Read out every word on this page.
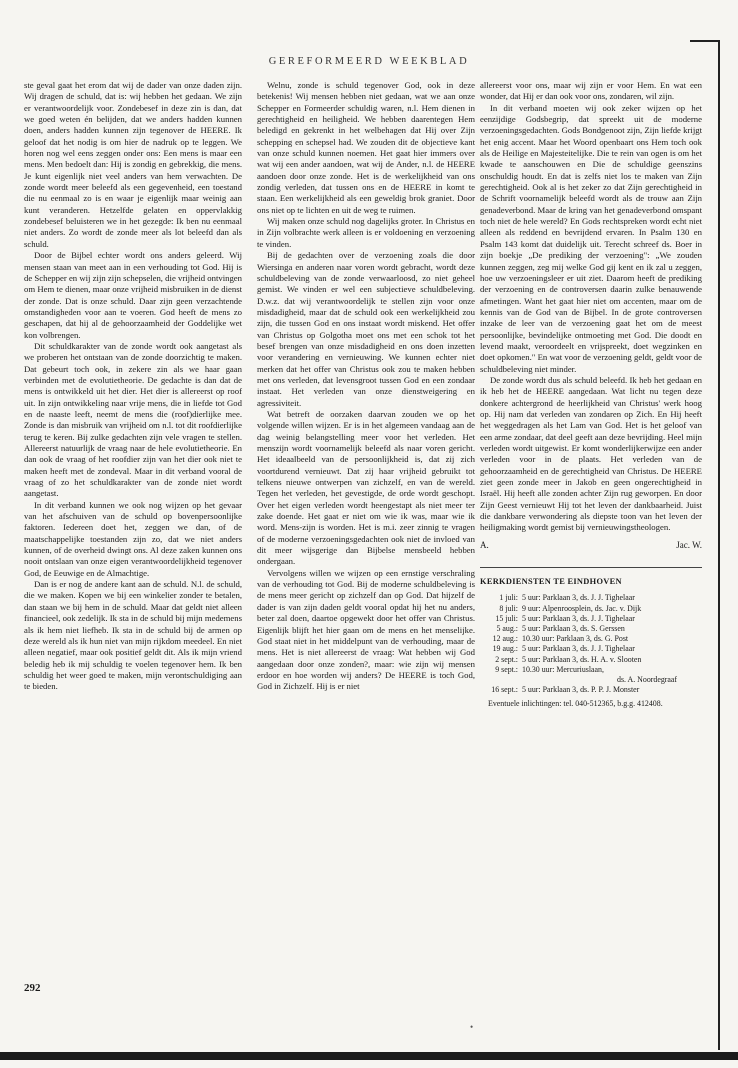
GEREFORMEERD WEEKBLAD

ste geval gaat het erom dat wij de dader van onze daden zijn. Wij dragen de schuld, dat is: wij hebben het gedaan. We zijn er verantwoordelijk voor. Zondebesef in deze zin is dan, dat we goed weten én belijden, dat we anders hadden kunnen doen, anders hadden kunnen zijn tegenover de HEERE. Ik geloof dat het nodig is om hier de nadruk op te leggen. We horen nog wel eens zeggen onder ons: Een mens is maar een mens. Men bedoelt dan: Hij is zondig en gebrekkig, die mens. Je kunt eigenlijk niet veel anders van hem verwachten. De zonde wordt meer beleefd als een gegevenheid, een toestand die nu eenmaal zo is en waar je eigenlijk maar weinig aan kunt veranderen. Hetzelfde gelaten en oppervlakkig zondebesef beluisteren we in het gezegde: Ik ben nu eenmaal niet anders. Zo wordt de zonde meer als lot beleefd dan als schuld.

Door de Bijbel echter wordt ons anders geleerd. Wij mensen staan van meet aan in een verhouding tot God. Hij is de Schepper en wij zijn zijn schepselen, die vrijheid ontvingen om Hem te dienen, maar onze vrijheid misbruiken in de dienst der zonde. Dat is onze schuld. Daar zijn geen verzachtende omstandigheden voor aan te voeren. God heeft de mens zo geschapen, dat hij al de gehoorzaamheid der Goddelijke wet kon volbrengen.

Dit schuldkarakter van de zonde wordt ook aangetast als we proberen het ontstaan van de zonde doorzichtig te maken. Dat gebeurt toch ook, in zekere zin als we haar gaan verbinden met de evolutietheorie. De gedachte is dan dat de mens is ontwikkeld uit het dier. Het dier is allereerst op roof uit. In zijn ontwikkeling naar vrije mens, die in liefde tot God en de naaste leeft, neemt de mens die (roof)dierlijke mee. Zonde is dan misbruik van vrijheid om n.l. tot dit roofdierlijke terug te keren. Bij zulke gedachten zijn vele vragen te stellen. Allereerst natuurlijk de vraag naar de hele evolutietheorie. En dan ook de vraag of het roofdier zijn van het dier ook niet te maken heeft met de zondeval. Maar in dit verband vooral de vraag of zo het schuldkarakter van de zonde niet wordt aangetast.

In dit verband kunnen we ook nog wijzen op het gevaar van het afschuiven van de schuld op bovenpersoonlijke faktoren. Iedereen doet het, zeggen we dan, of de maatschappelijke toestanden zijn zo, dat we niet anders kunnen, of de overheid dwingt ons. Al deze zaken kunnen ons nooit ontslaan van onze eigen verantwoordelijkheid tegenover God, de Eeuwige en de Almachtige.

Dan is er nog de andere kant aan de schuld. N.l. de schuld, die we maken. Kopen we bij een winkelier zonder te betalen, dan staan we bij hem in de schuld. Maar dat geldt niet alleen financieel, ook zedelijk. Ik sta in de schuld bij mijn medemens als ik hem niet liefheb. Ik sta in de schuld bij de armen op deze wereld als ik hun niet van mijn rijkdom meedeel. En niet alleen negatief, maar ook positief geldt dit. Als ik mijn vriend beledig heb ik mij schuldig te voelen tegenover hem. Ik ben schuldig het weer goed te maken, mijn verontschuldiging aan te bieden.

Welnu, zonde is schuld tegenover God, ook in deze betekenis! Wij mensen hebben niet gedaan, wat we aan onze Schepper en Formeerder schuldig waren, n.l. Hem dienen in gerechtigheid en heiligheid. We hebben daarentegen Hem beledigd en gekrenkt in het welbehagen dat Hij over Zijn schepping en schepsel had. We zouden dit de objectieve kant van onze schuld kunnen noemen. Het gaat hier immers over wat wij een ander aandoen, wat wij de Ander, n.l. de HEERE aandoen door onze zonde. Het is de werkelijkheid van ons zondig verleden, dat tussen ons en de HEERE in komt te staan. Een werkelijkheid als een geweldig brok graniet. Door ons niet op te lichten en uit de weg te ruimen.

Wij maken onze schuld nog dagelijks groter. In Christus en in Zijn volbrachte werk alleen is er voldoening en verzoening te vinden.

Bij de gedachten over de verzoening zoals die door Wiersinga en anderen naar voren wordt gebracht, wordt deze schuldbeleving van de zonde verwaarloosd, zo niet geheel gemist. We vinden er wel een subjectieve schuldbeleving. D.w.z. dat wij verantwoordelijk te stellen zijn voor onze misdadigheid, maar dat de schuld ook een werkelijkheid zou zijn, die tussen God en ons instaat wordt miskend. Het offer van Christus op Golgotha moet ons met een schok tot het besef brengen van onze misdadigheid en ons doen inzetten voor verandering en vernieuwing. We kunnen echter niet merken dat het offer van Christus ook zou te maken hebben met ons verleden, dat levensgroot tussen God en een zondaar instaat. Het verleden van onze dienstweigering en agressiviteit.

Wat betreft de oorzaken daarvan zouden we op het volgende willen wijzen. Er is in het algemeen vandaag aan de dag weinig belangstelling meer voor het verleden. Het menszijn wordt voornamelijk beleefd als naar voren gericht. Het ideaalbeeld van de persoonlijkheid is, dat zij zich voortdurend vernieuwt. Dat zij haar vrijheid gebruikt tot telkens nieuwe ontwerpen van zichzelf, en van de wereld. Tegen het verleden, het gevestigde, de orde wordt geschopt. Over het eigen verleden wordt heengestapt als niet meer ter zake doende. Het gaat er niet om wie ik was, maar wie ik word. Mens-zijn is worden. Het is m.i. zeer zinnig te vragen of de moderne verzoeningsgedachten ook niet de invloed van dit meer wijsgerige dan Bijbelse mensbeeld hebben ondergaan.

Vervolgens willen we wijzen op een ernstige verschraling van de verhouding tot God. Bij de moderne schuldbeleving is de mens meer gericht op zichzelf dan op God. Dat hijzelf de dader is van zijn daden geldt vooral opdat hij het nu anders, beter zal doen, daartoe opgewekt door het offer van Christus. Eigenlijk blijft het hier gaan om de mens en het menselijke. God staat niet in het middelpunt van de verhouding, maar de mens. Het is niet allereerst de vraag: Wat hebben wij God aangedaan door onze zonden?, maar: wie zijn wij mensen erdoor en hoe worden wij anders? De HEERE is toch God, God in Zichzelf. Hij is er niet

allereerst voor ons, maar wij zijn er voor Hem. En wat een wonder, dat Hij er dan ook voor ons, zondaren, wil zijn.

In dit verband moeten wij ook zeker wijzen op het eenzijdige Godsbegrip, dat spreekt uit de moderne verzoeningsgedachten. Gods Bondgenoot zijn, Zijn liefde krijgt het enig accent. Maar het Woord openbaart ons Hem toch ook als de Heilige en Majesteitelijke. Die te rein van ogen is om het kwade te aanschouwen en Die de schuldige geenszins onschuldig houdt. En dat is zelfs niet los te maken van Zijn gerechtigheid. Ook al is het zeker zo dat Zijn gerechtigheid in de Schrift voornamelijk beleefd wordt als de trouw aan Zijn genadeverbond. Maar de kring van het genadeverbond omspant toch niet de hele wereld? En Gods rechtspreken wordt echt niet alleen als reddend en bevrijdend ervaren. In Psalm 130 en Psalm 143 komt dat duidelijk uit. Terecht schreef ds. Boer in zijn boekje „De prediking der verzoening": „We zouden kunnen zeggen, zeg mij welke God gij kent en ik zal u zeggen, hoe uw verzoeningsleer er uit ziet. Daarom heeft de prediking der verzoening en de controversen daarin zulke benauwende afmetingen. Want het gaat hier niet om accenten, maar om de kennis van de God van de Bijbel. In de grote controversen inzake de leer van de verzoening gaat het om de meest persoonlijke, bevindelijke ontmoeting met God. Die doodt en levend maakt, veroordeelt en vrijspreekt, doet wegzinken en doet opkomen." En wat voor de verzoening geldt, geldt voor de schuldbeleving niet minder.

De zonde wordt dus als schuld beleefd. Ik heb het gedaan en ik heb het de HEERE aangedaan. Wat licht nu tegen deze donkere achtergrond de heerlijkheid van Christus' werk hoog op. Hij nam dat verleden van zondaren op Zich. En Hij heeft het weggedragen als het Lam van God. Het is het geloof van een arme zondaar, dat deel geeft aan deze bevrijding. Heel mijn verleden wordt uitgewist. Er komt wonderlijkerwijze een ander verleden voor in de plaats. Het verleden van de gehoorzaamheid en de gerechtigheid van Christus. De HEERE ziet geen zonde meer in Jakob en geen ongerechtigheid in Israël. Hij heeft alle zonden achter Zijn rug geworpen. En door Zijn Geest vernieuwt Hij tot het leven der dankbaarheid. Juist die dankbare verwondering als diepste toon van het leven der heiligmaking wordt gemist bij vernieuwingstheologen.

A.	Jac. W.
KERKDIENSTEN TE EINDHOVEN
1 juli: 5 uur: Parklaan 3, ds. J. J. Tighelaar
8 juli: 9 uur: Alpenroosplein, ds. Jac. v. Dijk
15 juli: 5 uur: Parklaan 3, ds. J. J. Tighelaar
5 aug.: 5 uur: Parklaan 3, ds. S. Gerssen
12 aug.: 10.30 uur: Parklaan 3, ds. G. Post
19 aug.: 5 uur: Parklaan 3, ds. J. J. Tighelaar
2 sept.: 5 uur: Parklaan 3, ds. H. A. v. Slooten
9 sept.: 10.30 uur: Mercuriuslaan,
ds. A. Noordegraaf
16 sept.: 5 uur: Parklaan 3, ds. P. P. J. Monster
Eventuele inlichtingen: tel. 040-512365, b.g.g. 412408.
292
•
